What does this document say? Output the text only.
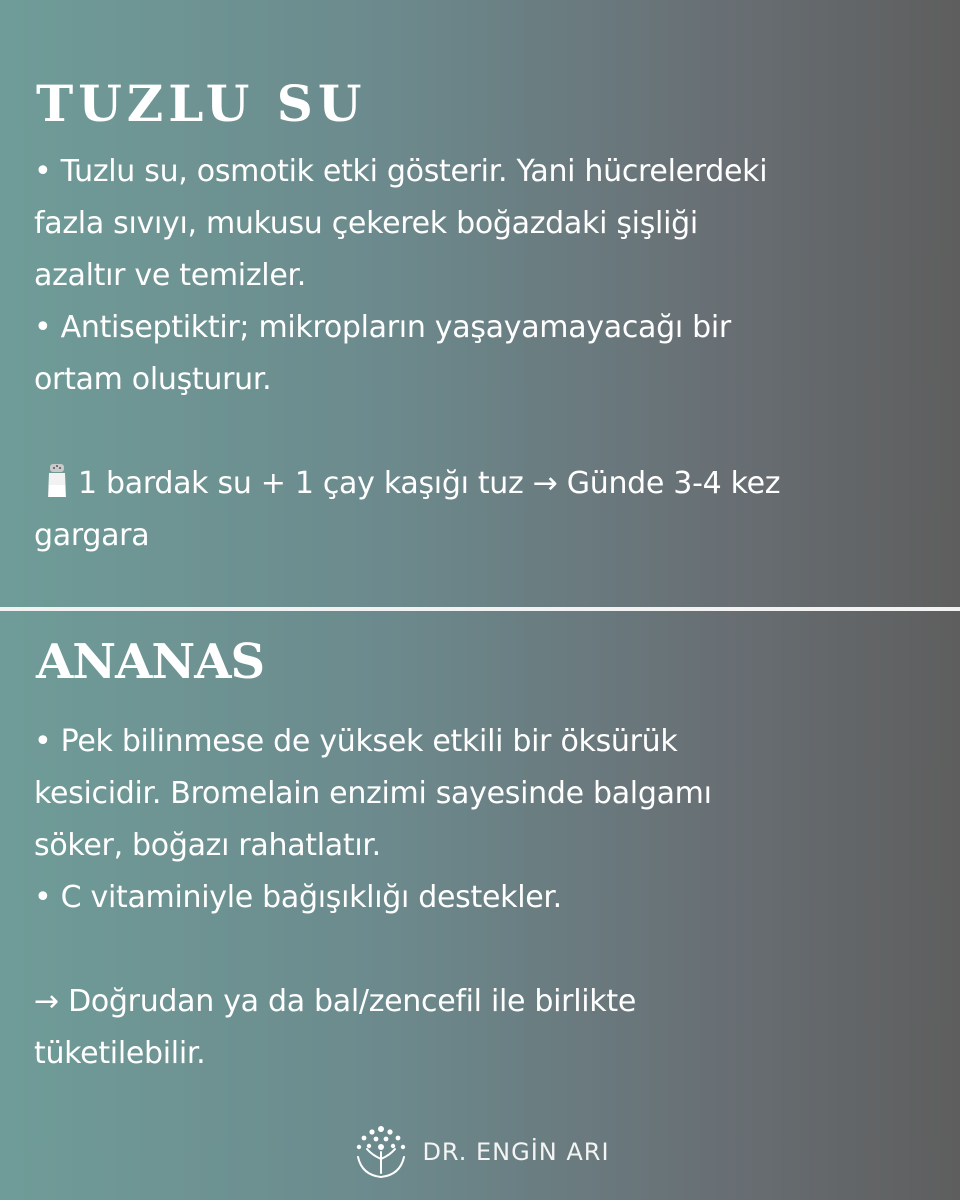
TUZLU SU
• Tuzlu su, osmotik etki gösterir. Yani hücrelerdeki
fazla sıvıyı, mukusu çekerek boğazdaki şişliği
azaltır ve temizler.
• Antiseptiktir; mikropların yaşayamayacağı bir
ortam oluşturur.
1 bardak su + 1 çay kaşığı tuz → Günde 3-4 kez
gargara
ANANAS
• Pek bilinmese de yüksek etkili bir öksürük
kesicidir. Bromelain enzimi sayesinde balgamı
söker, boğazı rahatlatır.
• C vitaminiyle bağışıklığı destekler.
→ Doğrudan ya da bal/zencefil ile birlikte
tüketilebilir.
DR. ENGİN ARI
